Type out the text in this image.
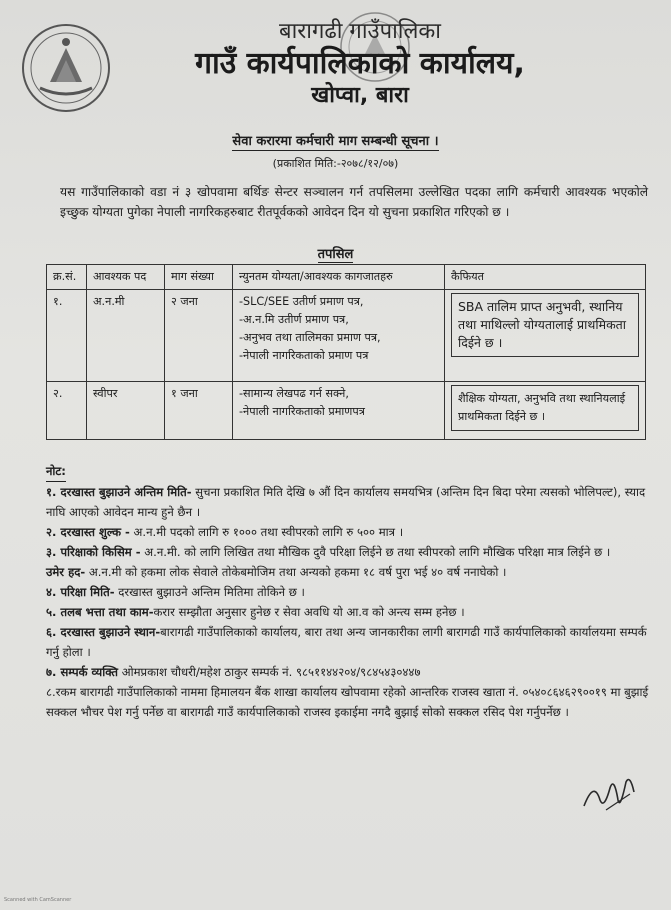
बारागढी गाउँपालिका
गाउँ कार्यपालिकाको कार्यालय,
खोप्वा, बारा
सेवा करारमा कर्मचारी माग सम्बन्धी सूचना ।
(प्रकाशित मिति:-२०७८/१२/०७)
यस गाउँपालिकाको वडा नं ३ खोपवामा बर्थिङ सेन्टर सञ्चालन गर्न तपसिलमा उल्लेखित पदका लागि कर्मचारी आवश्यक भएकोले इच्छुक योग्यता पुगेका नेपाली नागरिकहरुबाट रीतपूर्वकको आवेदन दिन यो सुचना प्रकाशित गरिएको छ ।
तपसिल
क्र.सं.	आवश्यक पद	माग संख्या	न्युनतम योग्यता/आवश्यक कागजातहरु	कैफियत
१.	अ.न.मी	२ जना	-SLC/SEE उतीर्ण प्रमाण पत्र,
-अ.न.मि उतीर्ण प्रमाण पत्र,
-अनुभव तथा तालिमका प्रमाण पत्र,
-नेपाली नागरिकताको प्रमाण पत्र	SBA तालिम प्राप्त अनुभवी, स्थानिय तथा माथिल्लो योग्यतालाई प्राथमिकता दिईने छ ।

२.	स्वीपर	१ जना	-सामान्य लेखपढ गर्न सक्ने,
-नेपाली नागरिकताको प्रमाणपत्र	शैक्षिक योग्यता, अनुभवि तथा स्थानियलाई प्राथमिकता दिईने छ ।
नोट:

१. दरखास्त बुझाउने अन्तिम मिति- सुचना प्रकाशित मिति देखि ७ औं दिन कार्यालय समयभित्र (अन्तिम दिन बिदा परेमा त्यसको भोलिपल्ट), स्याद नाघि आएको आवेदन मान्य हुने छैन ।

२. दरखास्त शुल्क - अ.न.मी पदको लागि रु १००० तथा स्वीपरको लागि रु ५०० मात्र ।

३. परिक्षाको किसिम - अ.न.मी. को लागि लिखित तथा मौखिक दुवै परिक्षा लिईने छ तथा स्वीपरको लागि मौखिक परिक्षा मात्र लिईने छ ।

उमेर हद- अ.न.मी को हकमा लोक सेवाले तोकेबमोजिम तथा अन्यको हकमा १८ वर्ष पुरा भई ४० वर्ष ननाघेको ।

४. परिक्षा मिति- दरखास्त बुझाउने अन्तिम मितिमा तोकिने छ ।

५. तलब भत्ता तथा काम-करार सम्झौता अनुसार हुनेछ र सेवा अवधि यो आ.व को अन्त्य सम्म हनेछ ।

६. दरखास्त बुझाउने स्थान-बारागढी गाउँपालिकाको कार्यालय, बारा तथा अन्य जानकारीका लागी बारागढी गाउँ कार्यपालिकाको कार्यालयमा सम्पर्क गर्नु होला ।

७. सम्पर्क व्यक्ति ओमप्रकाश चौधरी/महेश ठाकुर सम्पर्क नं. ९८५११४४२०४/९८४५४३०४४७

८.रकम बारागढी गाउँपालिकाको नाममा हिमालयन बैंक शाखा कार्यालय खोपवामा रहेको आन्तरिक राजस्व खाता नं. ०५४०८६४६२९००१९ मा बुझाई सक्कल भौचर पेश गर्नु पर्नेछ वा बारागढी गाउँ कार्यपालिकाको राजस्व इकाईमा नगदै बुझाई सोको सक्कल रसिद पेश गर्नुपर्नेछ ।

Scanned with CamScanner
